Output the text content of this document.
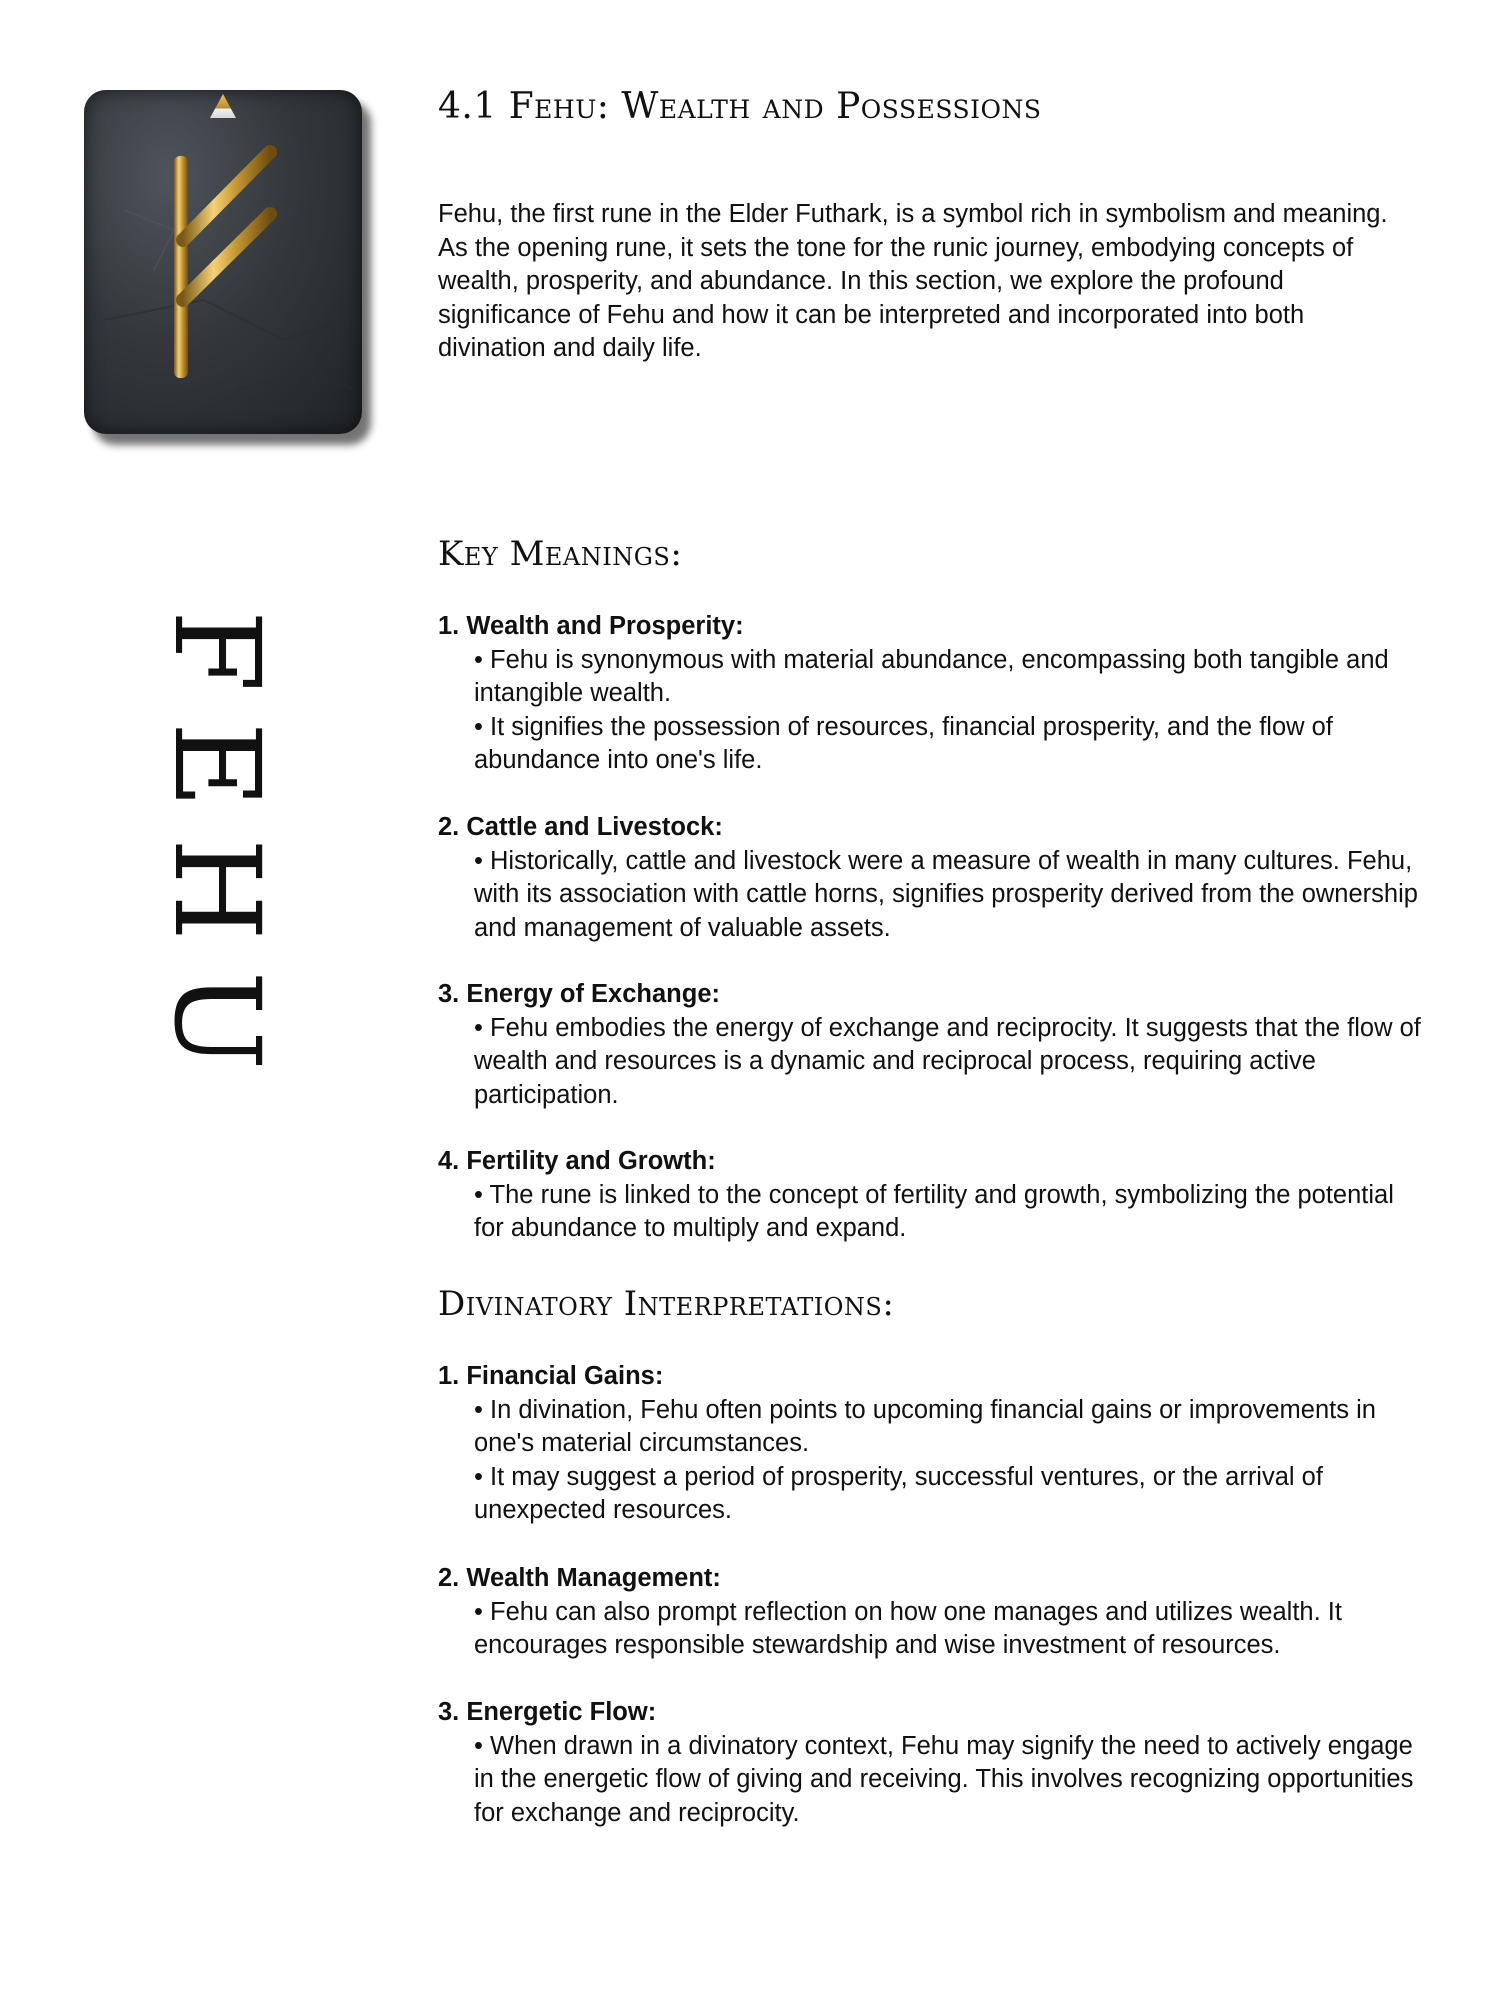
FEHU
4.1 Fehu: Wealth and Possessions

Fehu, the first rune in the Elder Futhark, is a symbol rich in symbolism and meaning. As the opening rune, it sets the tone for the runic journey, embodying concepts of wealth, prosperity, and abundance. In this section, we explore the profound significance of Fehu and how it can be interpreted and incorporated into both divination and daily life.

Key Meanings:
1. Wealth and Prosperity:
• Fehu is synonymous with material abundance, encompassing both tangible and intangible wealth.
• It signifies the possession of resources, financial prosperity, and the flow of abundance into one's life.
2. Cattle and Livestock:
• Historically, cattle and livestock were a measure of wealth in many cultures. Fehu, with its association with cattle horns, signifies prosperity derived from the ownership and management of valuable assets.
3. Energy of Exchange:
• Fehu embodies the energy of exchange and reciprocity. It suggests that the flow of wealth and resources is a dynamic and reciprocal process, requiring active participation.
4. Fertility and Growth:
• The rune is linked to the concept of fertility and growth, symbolizing the potential for abundance to multiply and expand.
Divinatory Interpretations:
1. Financial Gains:
• In divination, Fehu often points to upcoming financial gains or improvements in one's material circumstances.
• It may suggest a period of prosperity, successful ventures, or the arrival of unexpected resources.
2. Wealth Management:
• Fehu can also prompt reflection on how one manages and utilizes wealth. It encourages responsible stewardship and wise investment of resources.
3. Energetic Flow:
• When drawn in a divinatory context, Fehu may signify the need to actively engage in the energetic flow of giving and receiving. This involves recognizing opportunities for exchange and reciprocity.
